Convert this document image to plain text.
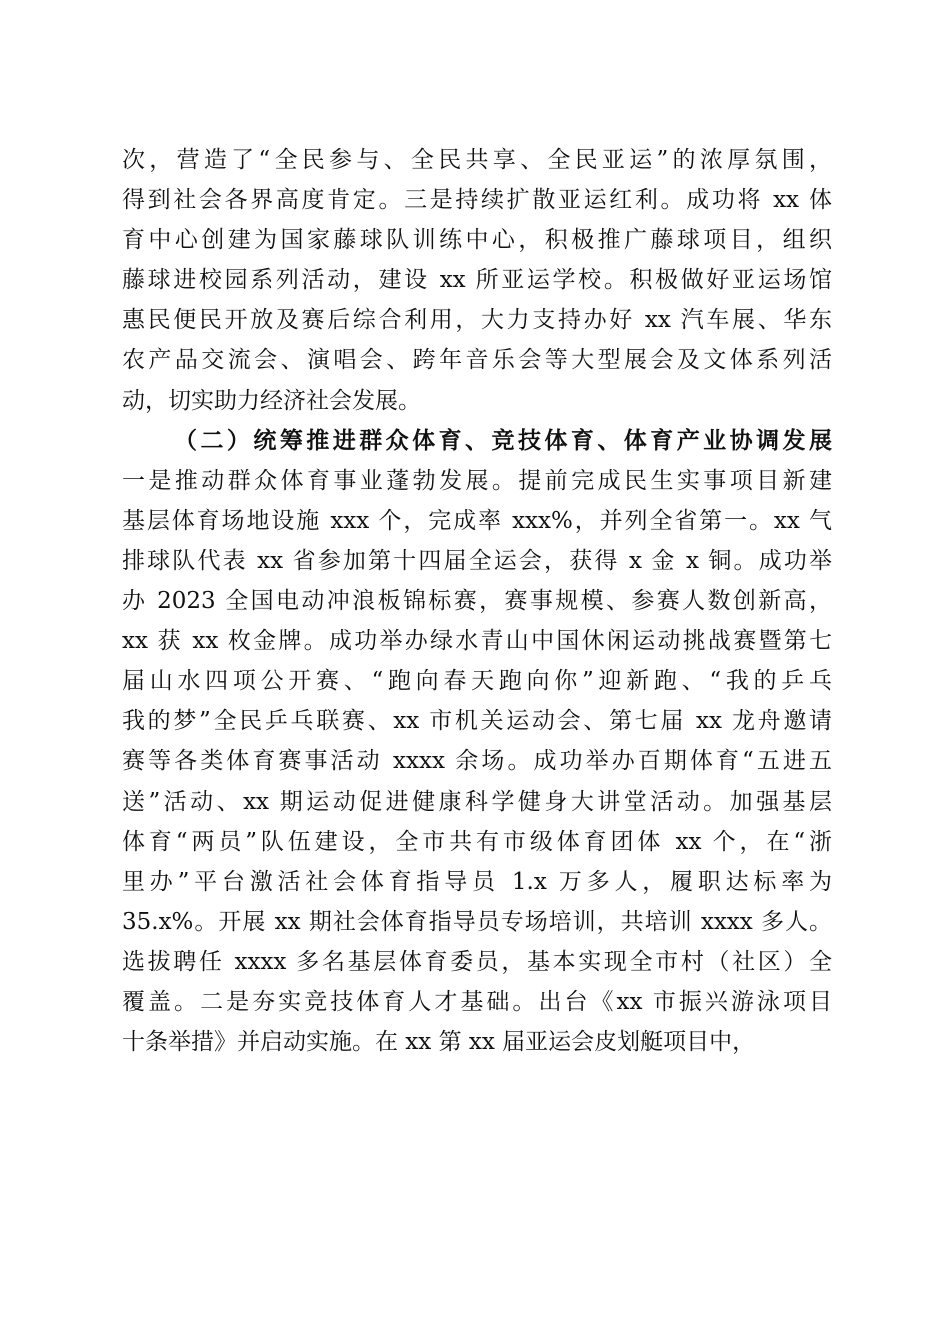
次，营造了“全民参与、全民共享、全民亚运”的浓厚氛围，
得到社会各界高度肯定。三是持续扩散亚运红利。成功将 xx 体
育中心创建为国家藤球队训练中心，积极推广藤球项目，组织
藤球进校园系列活动，建设 xx 所亚运学校。积极做好亚运场馆
惠民便民开放及赛后综合利用，大力支持办好 xx 汽车展、华东
农产品交流会、演唱会、跨年音乐会等大型展会及文体系列活
动，切实助力经济社会发展。
（二）统筹推进群众体育、竞技体育、体育产业协调发展
一是推动群众体育事业蓬勃发展。提前完成民生实事项目新建
基层体育场地设施 xxx 个，完成率 xxx%，并列全省第一。xx 气
排球队代表 xx 省参加第十四届全运会，获得 x 金 x 铜。成功举
办 2023 全国电动冲浪板锦标赛，赛事规模、参赛人数创新高，
xx 获 xx 枚金牌。成功举办绿水青山中国休闲运动挑战赛暨第七
届山水四项公开赛、“跑向春天跑向你”迎新跑、“我的乒乓
我的梦”全民乒乓联赛、xx 市机关运动会、第七届 xx 龙舟邀请
赛等各类体育赛事活动 xxxx 余场。成功举办百期体育“五进五
送”活动、xx 期运动促进健康科学健身大讲堂活动。加强基层
体育“两员”队伍建设，全市共有市级体育团体 xx 个，在“浙
里办”平台激活社会体育指导员 1.x 万多人，履职达标率为
35.x%。开展 xx 期社会体育指导员专场培训，共培训 xxxx 多人。
选拔聘任 xxxx 多名基层体育委员，基本实现全市村（社区）全
覆盖。二是夯实竞技体育人才基础。出台《xx 市振兴游泳项目
十条举措》并启动实施。在 xx 第 xx 届亚运会皮划艇项目中，
